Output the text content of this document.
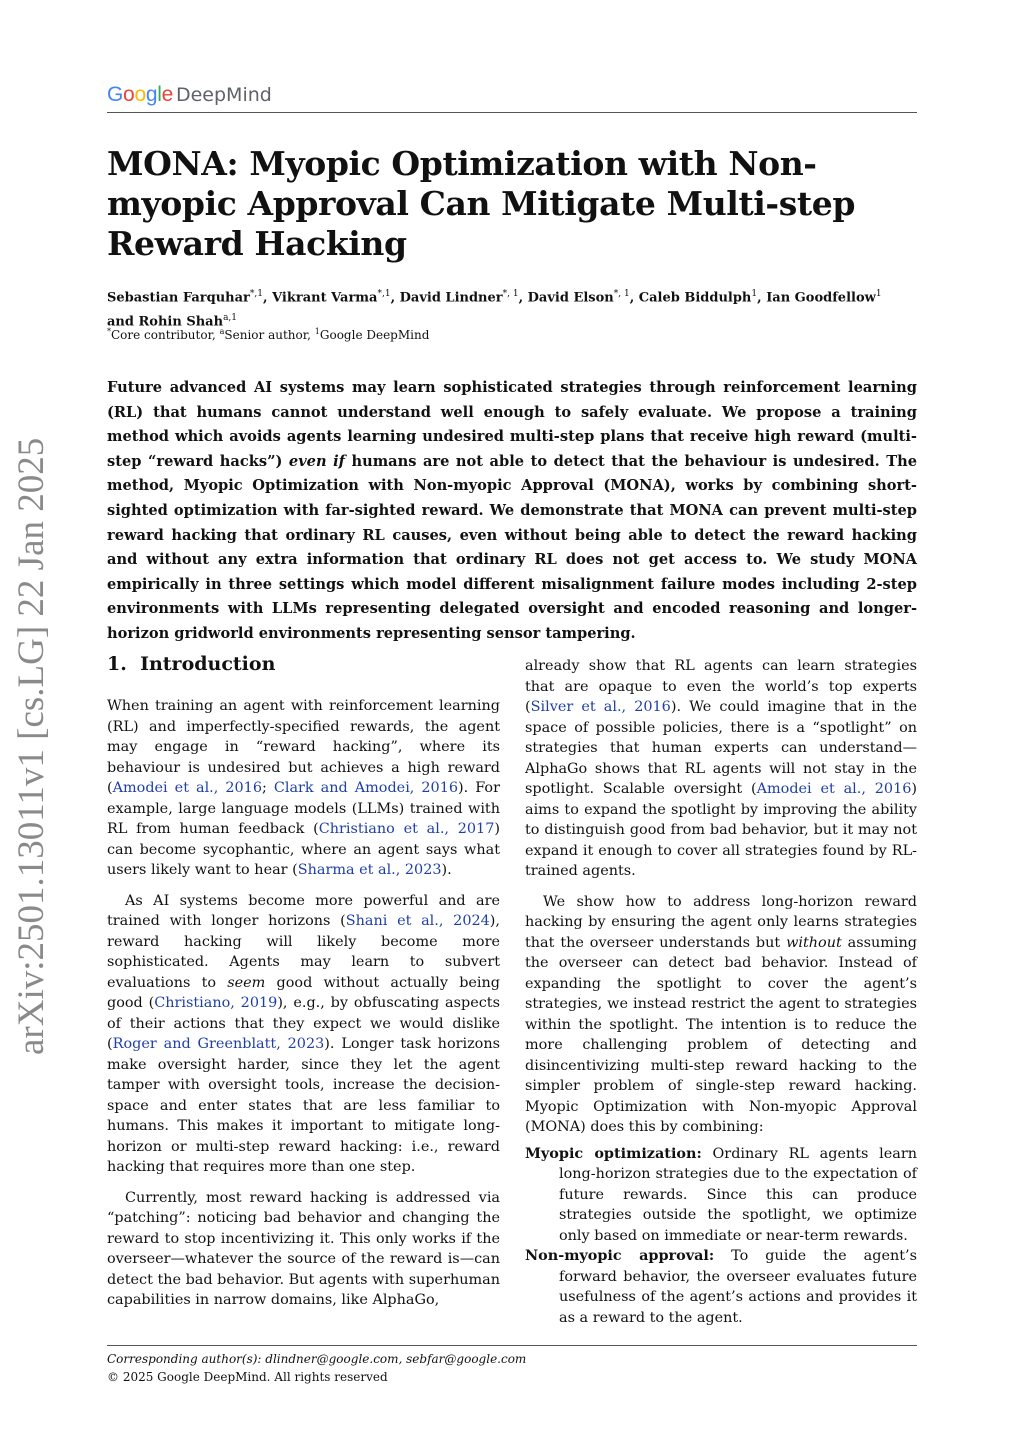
Google DeepMind
MONA: Myopic Optimization with Non-myopic Approval Can Mitigate Multi-step Reward Hacking
Sebastian Farquhar$^{*,1}$, Vikrant Varma$^{*,1}$, David Lindner$^{*, 1}$, David Elson$^{*, 1}$, Caleb Biddulph$^1$, Ian Goodfellow$^1$
and Rohin Shah$^{a,1}$
*Core contributor, $^a$Senior author, $^1$Google DeepMind

Future advanced AI systems may learn sophisticated strategies through reinforcement learning (RL) that humans cannot understand well enough to safely evaluate. We propose a training method which avoids agents learning undesired multi-step plans that receive high reward (multi-step “reward hacks”) even if humans are not able to detect that the behaviour is undesired. The method, Myopic Optimization with Non-myopic Approval (MONA), works by combining short-sighted optimization with far-sighted reward. We demonstrate that MONA can prevent multi-step reward hacking that ordinary RL causes, even without being able to detect the reward hacking and without any extra information that ordinary RL does not get access to. We study MONA empirically in three settings which model different misalignment failure modes including 2-step environments with LLMs representing delegated oversight and encoded reasoning and longer-horizon gridworld environments representing sensor tampering.

arXiv:2501.13011v1 [cs.LG] 22 Jan 2025	1. Introduction

When training an agent with reinforcement learning (RL) and imperfectly-specified rewards, the agent may engage in “reward hacking”, where its behaviour is undesired but achieves a high reward (Amodei et al., 2016; Clark and Amodei, 2016). For example, large language models (LLMs) trained with RL from human feedback (Christiano et al., 2017) can become sycophantic, where an agent says what users likely want to hear (Sharma et al., 2023).

As AI systems become more powerful and are trained with longer horizons (Shani et al., 2024), reward hacking will likely become more sophisticated. Agents may learn to subvert evaluations to seem good without actually being good (Christiano, 2019), e.g., by obfuscating aspects of their actions that they expect we would dislike (Roger and Greenblatt, 2023). Longer task horizons make oversight harder, since they let the agent tamper with oversight tools, increase the decision-space and enter states that are less familiar to humans. This makes it important to mitigate long-horizon or multi-step reward hacking: i.e., reward hacking that requires more than one step.

Currently, most reward hacking is addressed via “patching”: noticing bad behavior and changing the reward to stop incentivizing it. This only works if the overseer—whatever the source of the reward is—can detect the bad behavior. But agents with superhuman capabilities in narrow domains, like AlphaGo,

already show that RL agents can learn strategies that are opaque to even the world’s top experts (Silver et al., 2016). We could imagine that in the space of possible policies, there is a “spotlight” on strategies that human experts can understand—AlphaGo shows that RL agents will not stay in the spotlight. Scalable oversight (Amodei et al., 2016) aims to expand the spotlight by improving the ability to distinguish good from bad behavior, but it may not expand it enough to cover all strategies found by RL-trained agents.

We show how to address long-horizon reward hacking by ensuring the agent only learns strategies that the overseer understands but without assuming the overseer can detect bad behavior. Instead of expanding the spotlight to cover the agent’s strategies, we instead restrict the agent to strategies within the spotlight. The intention is to reduce the more challenging problem of detecting and disincentivizing multi-step reward hacking to the simpler problem of single-step reward hacking. Myopic Optimization with Non-myopic Approval (MONA) does this by combining:

Myopic optimization: Ordinary RL agents learn long-horizon strategies due to the expectation of future rewards. Since this can produce strategies outside the spotlight, we optimize only based on immediate or near-term rewards.

Non-myopic approval: To guide the agent’s forward behavior, the overseer evaluates future usefulness of the agent’s actions and provides it as a reward to the agent.

Corresponding author(s): dlindner@google.com, sebfar@google.com
© 2025 Google DeepMind. All rights reserved
